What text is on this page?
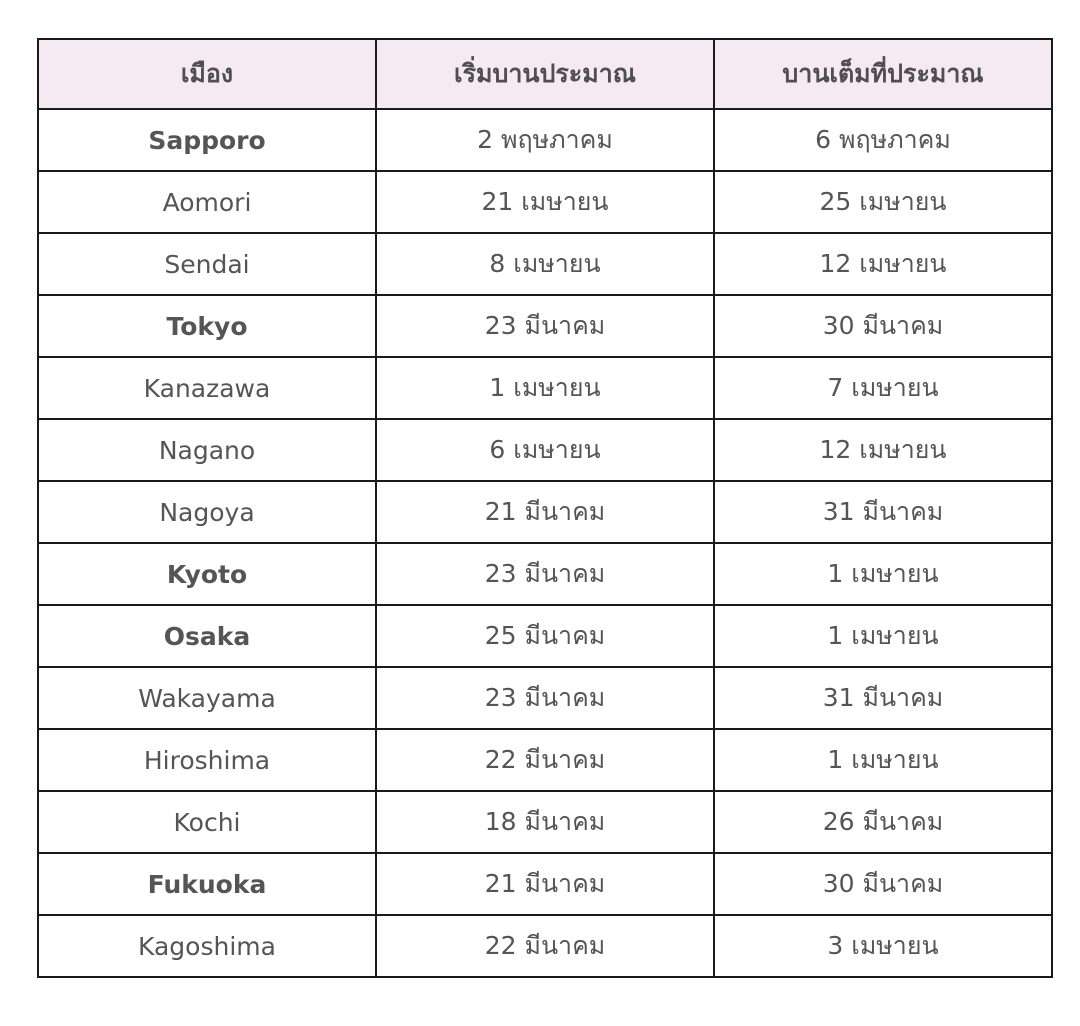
เมือง	เริ่มบานประมาณ	บานเต็มที่ประมาณ
Sapporo	2 พฤษภาคม	6 พฤษภาคม
Aomori	21 เมษายน	25 เมษายน
Sendai	8 เมษายน	12 เมษายน
Tokyo	23 มีนาคม	30 มีนาคม
Kanazawa	1 เมษายน	7 เมษายน
Nagano	6 เมษายน	12 เมษายน
Nagoya	21 มีนาคม	31 มีนาคม
Kyoto	23 มีนาคม	1 เมษายน
Osaka	25 มีนาคม	1 เมษายน
Wakayama	23 มีนาคม	31 มีนาคม
Hiroshima	22 มีนาคม	1 เมษายน
Kochi	18 มีนาคม	26 มีนาคม
Fukuoka	21 มีนาคม	30 มีนาคม
Kagoshima	22 มีนาคม	3 เมษายน
